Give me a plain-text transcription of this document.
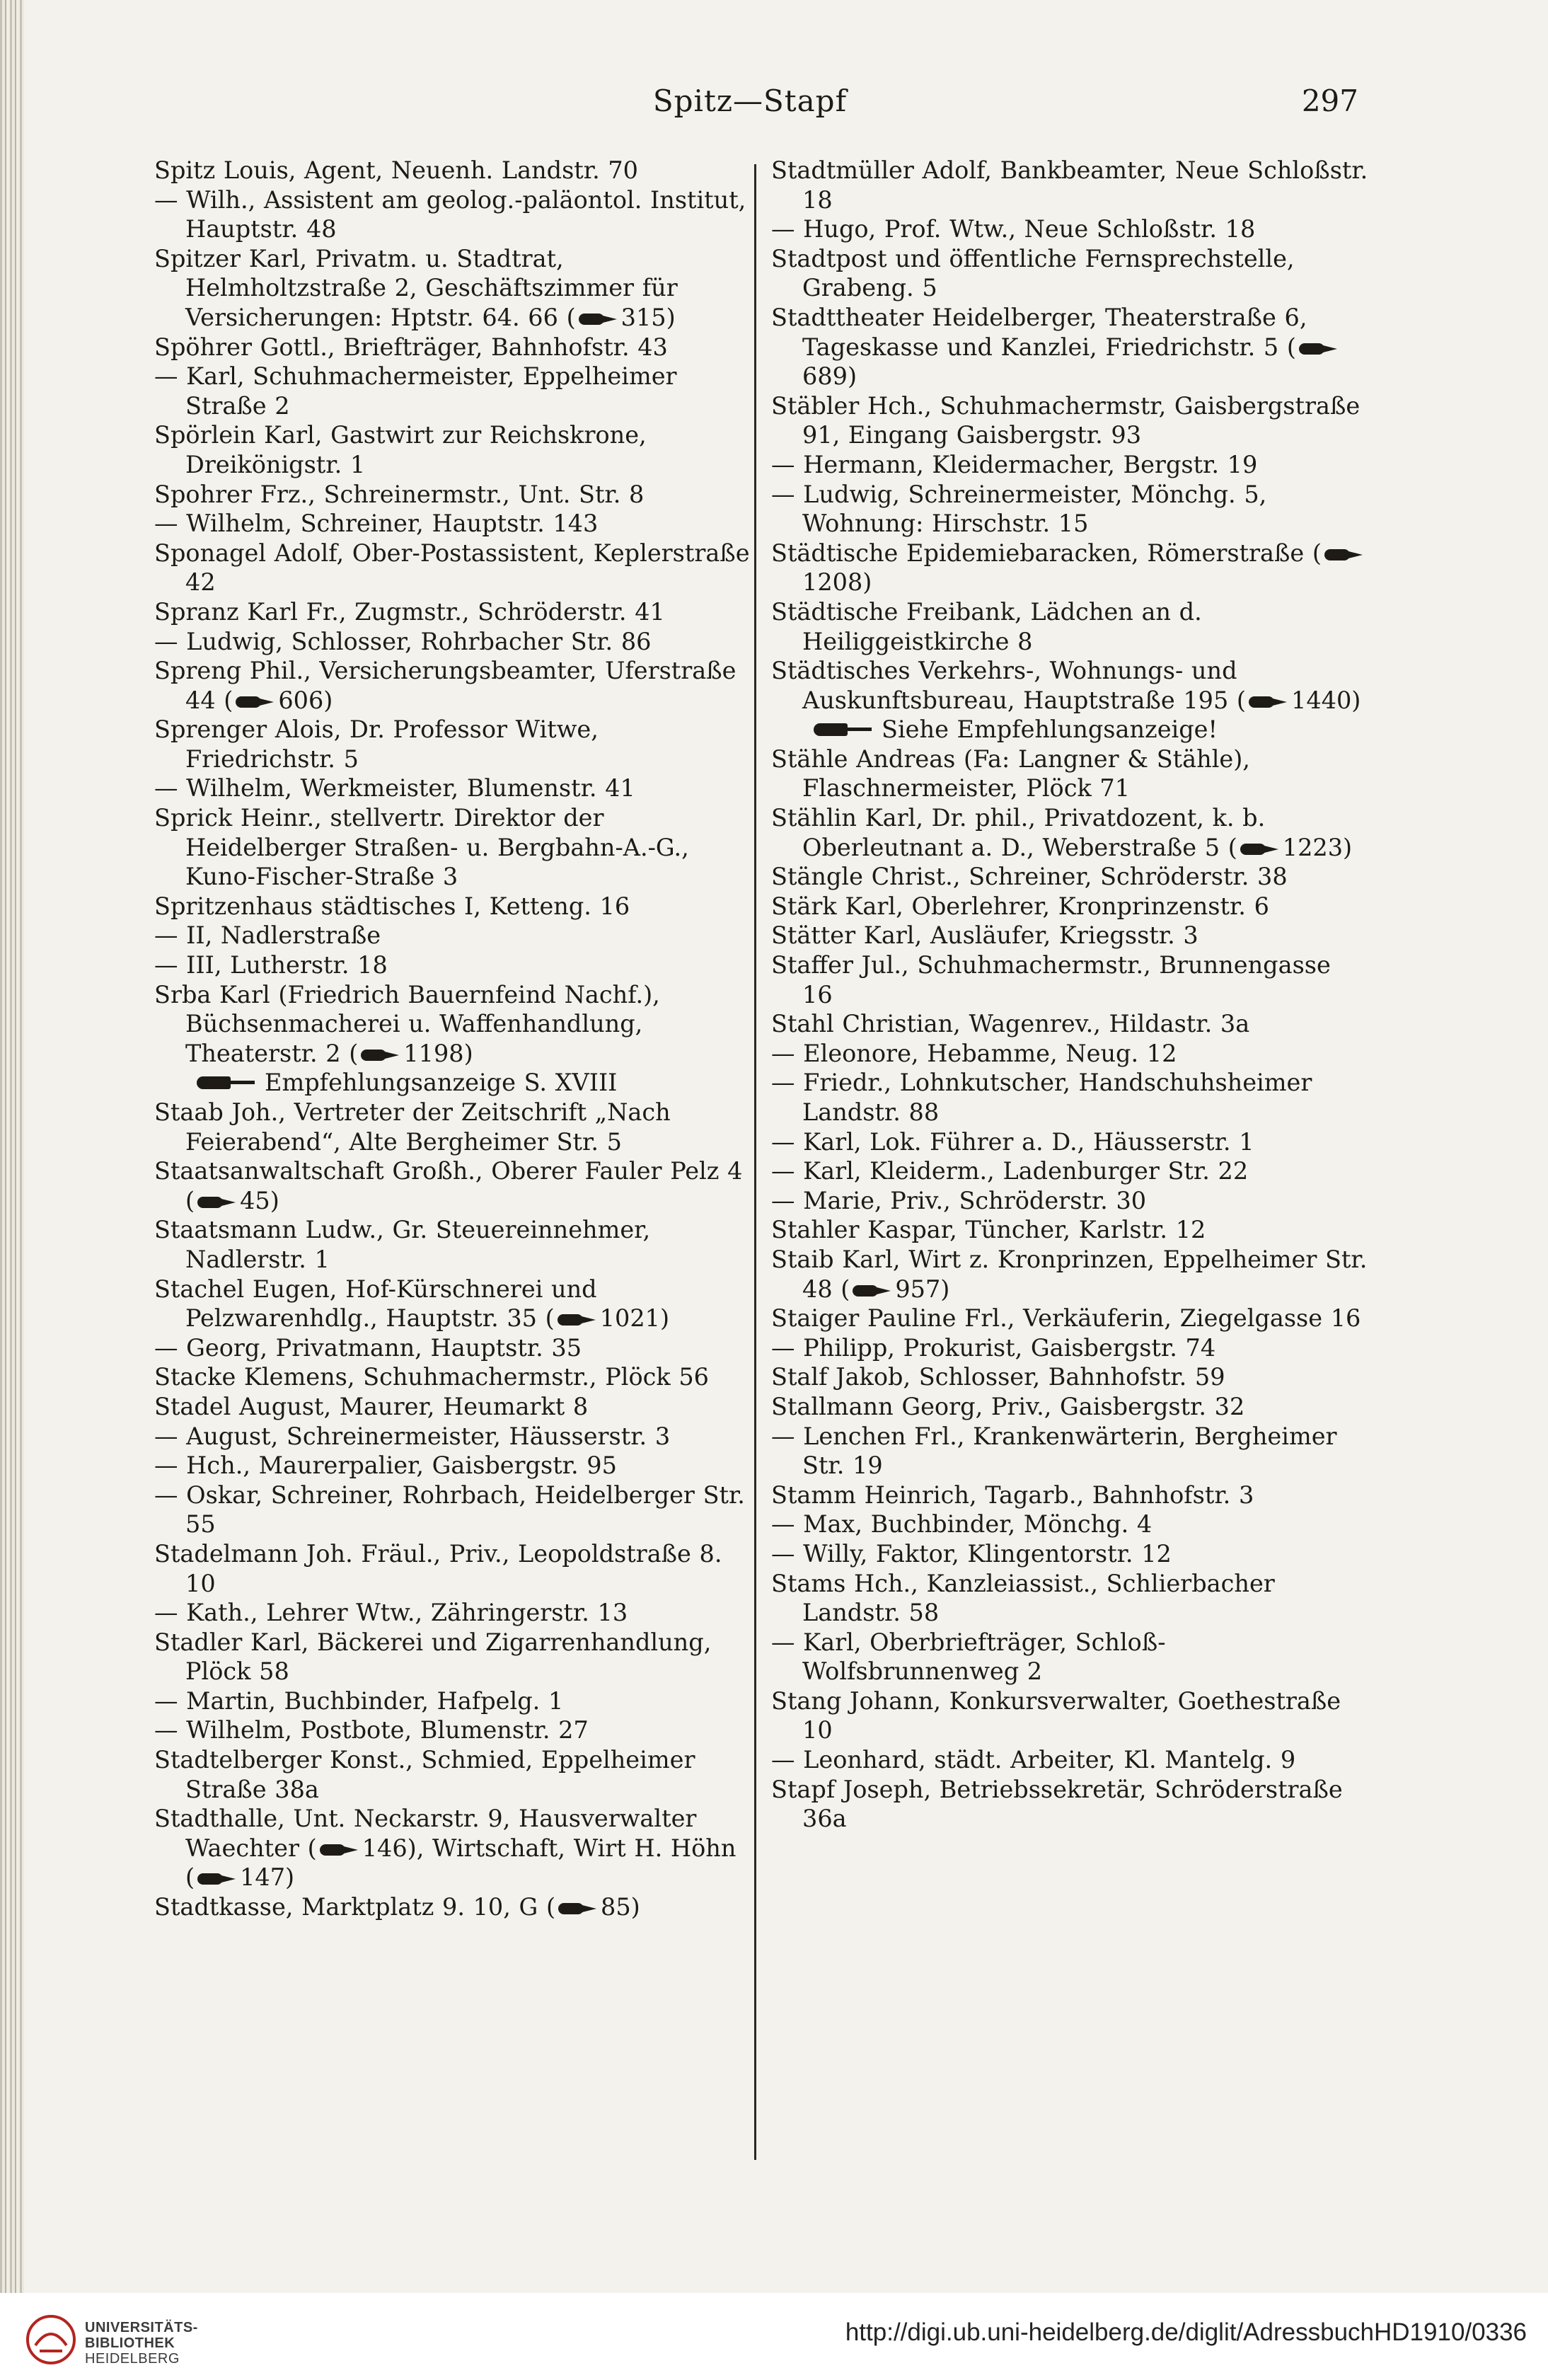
Spitz—Stapf	297
Spitz Louis, Agent, Neuenh. Landstr. 70
— Wilh., Assistent am geolog.-paläontol. Institut, Hauptstr. 48
Spitzer Karl, Privatm. u. Stadtrat, Helmholtzstraße 2, Geschäftszimmer für Versicherungen: Hptstr. 64. 66 ( 315)
Spöhrer Gottl., Briefträger, Bahnhofstr. 43
— Karl, Schuhmachermeister, Eppelheimer Straße 2
Spörlein Karl, Gastwirt zur Reichskrone, Dreikönigstr. 1
Spohrer Frz., Schreinermstr., Unt. Str. 8
— Wilhelm, Schreiner, Hauptstr. 143
Sponagel Adolf, Ober-Postassistent, Keplerstraße 42
Spranz Karl Fr., Zugmstr., Schröderstr. 41
— Ludwig, Schlosser, Rohrbacher Str. 86
Spreng Phil., Versicherungsbeamter, Uferstraße 44 ( 606)
Sprenger Alois, Dr. Professor Witwe, Friedrichstr. 5
— Wilhelm, Werkmeister, Blumenstr. 41
Sprick Heinr., stellvertr. Direktor der Heidelberger Straßen- u. Bergbahn-A.-G., Kuno-Fischer-Straße 3
Spritzenhaus städtisches I, Ketteng. 16
— II, Nadlerstraße
— III, Lutherstr. 18
Srba Karl (Friedrich Bauernfeind Nachf.), Büchsenmacherei u. Waffenhandlung, Theaterstr. 2 ( 1198)
Empfehlungsanzeige S. XVIII
Staab Joh., Vertreter der Zeitschrift „Nach Feierabend“, Alte Bergheimer Str. 5
Staatsanwaltschaft Großh., Oberer Fauler Pelz 4 ( 45)
Staatsmann Ludw., Gr. Steuereinnehmer, Nadlerstr. 1
Stachel Eugen, Hof-Kürschnerei und Pelzwarenhdlg., Hauptstr. 35 ( 1021)
— Georg, Privatmann, Hauptstr. 35
Stacke Klemens, Schuhmachermstr., Plöck 56
Stadel August, Maurer, Heumarkt 8
— August, Schreinermeister, Häusserstr. 3
— Hch., Maurerpalier, Gaisbergstr. 95
— Oskar, Schreiner, Rohrbach, Heidelberger Str. 55
Stadelmann Joh. Fräul., Priv., Leopoldstraße 8. 10
— Kath., Lehrer Wtw., Zähringerstr. 13
Stadler Karl, Bäckerei und Zigarrenhandlung, Plöck 58
— Martin, Buchbinder, Hafpelg. 1
— Wilhelm, Postbote, Blumenstr. 27
Stadtelberger Konst., Schmied, Eppelheimer Straße 38a
Stadthalle, Unt. Neckarstr. 9, Hausverwalter Waechter ( 146), Wirtschaft, Wirt H. Höhn ( 147)
Stadtkasse, Marktplatz 9. 10, G ( 85)
Stadtmüller Adolf, Bankbeamter, Neue Schloßstr. 18
— Hugo, Prof. Wtw., Neue Schloßstr. 18
Stadtpost und öffentliche Fernsprechstelle, Grabeng. 5
Stadttheater Heidelberger, Theaterstraße 6, Tageskasse und Kanzlei, Friedrichstr. 5 (689)
Stäbler Hch., Schuhmachermstr, Gaisbergstraße 91, Eingang Gaisbergstr. 93
— Hermann, Kleidermacher, Bergstr. 19
— Ludwig, Schreinermeister, Mönchg. 5, Wohnung: Hirschstr. 15
Städtische Epidemiebaracken, Römerstraße (1208)
Städtische Freibank, Lädchen an d. Heiliggeistkirche 8
Städtisches Verkehrs-, Wohnungs- und Auskunftsbureau, Hauptstraße 195 ( 1440)
Siehe Empfehlungsanzeige!
Stähle Andreas (Fa: Langner & Stähle), Flaschnermeister, Plöck 71
Stählin Karl, Dr. phil., Privatdozent, k. b. Oberleutnant a. D., Weberstraße 5 ( 1223)
Stängle Christ., Schreiner, Schröderstr. 38
Stärk Karl, Oberlehrer, Kronprinzenstr. 6
Stätter Karl, Ausläufer, Kriegsstr. 3
Staffer Jul., Schuhmachermstr., Brunnengasse 16
Stahl Christian, Wagenrev., Hildastr. 3a
— Eleonore, Hebamme, Neug. 12
— Friedr., Lohnkutscher, Handschuhsheimer Landstr. 88
— Karl, Lok. Führer a. D., Häusserstr. 1
— Karl, Kleiderm., Ladenburger Str. 22
— Marie, Priv., Schröderstr. 30
Stahler Kaspar, Tüncher, Karlstr. 12
Staib Karl, Wirt z. Kronprinzen, Eppelheimer Str. 48 ( 957)
Staiger Pauline Frl., Verkäuferin, Ziegelgasse 16
— Philipp, Prokurist, Gaisbergstr. 74
Stalf Jakob, Schlosser, Bahnhofstr. 59
Stallmann Georg, Priv., Gaisbergstr. 32
— Lenchen Frl., Krankenwärterin, Bergheimer Str. 19
Stamm Heinrich, Tagarb., Bahnhofstr. 3
— Max, Buchbinder, Mönchg. 4
— Willy, Faktor, Klingentorstr. 12
Stams Hch., Kanzleiassist., Schlierbacher Landstr. 58
— Karl, Oberbriefträger, Schloß-Wolfsbrunnenweg 2
Stang Johann, Konkursverwalter, Goethestraße 10
— Leonhard, städt. Arbeiter, Kl. Mantelg. 9
Stapf Joseph, Betriebssekretär, Schröderstraße 36a
UNIVERSITÄTS-
BIBLIOTHEK
HEIDELBERG
http://digi.ub.uni-heidelberg.de/diglit/AdressbuchHD1910/0336
